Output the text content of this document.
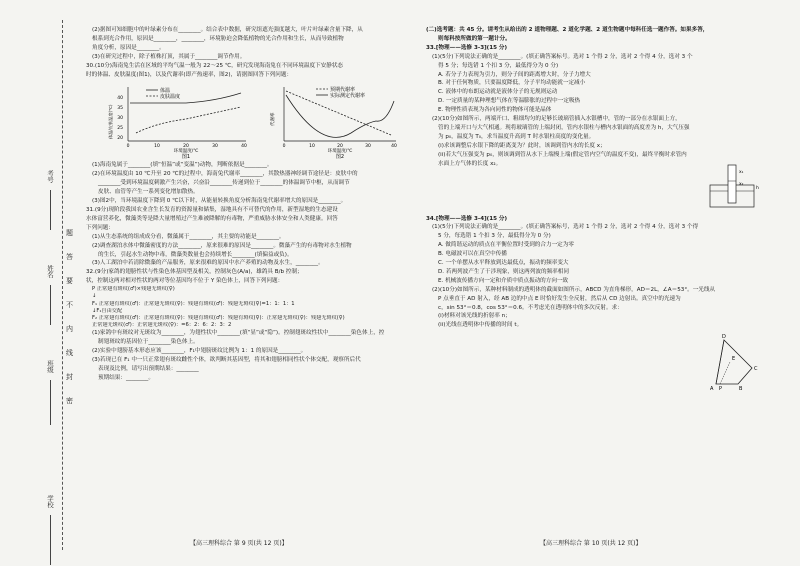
考号
姓名
班级
学校
题
答
要
不
内
线
封
密
(2)据图可知细胞中的叶绿素分布在________。结合表中数据，研究组遮光强度越大，叶片叶绿素含量下降，从
根系到光合作用，原因是________，________，环境胁迫会降低植物的光合作用和生长，从而导致植物
角度分析，原因是________。
(3)在研究过程中，除子植株打顶，其属于________调节作用。
30.(10分)海南兔生活在区域的平均气温一般为 22～25 ℃，研究发现海南兔在不同环境温度下安静状态
时的体温、皮肤温度(图1)，以及代谢率(即产热速率，图2)，请据图回答下列问题：
体温
皮肤温度
40
35
30
25
20
0	10	20	30	40
环境温度/℃
图1
体温/皮肤温度(℃)
预期代谢率
实际测定代谢率
0	10	20	30	40
环境温度/℃
图2
代谢率
(1)海南兔属于________(填“恒温”或“变温”)动物，判断依据是________。
(2)在环境温度由 10 ℃升至 20 ℃的过程中，海南兔代谢率________，其散热器神经调节途径是：皮肤中的
________受到环境温度刺激产生兴奋，兴奋沿________传递到位于________的体温调节中枢，从而调节
皮肤、血管等产生一系列变化增加散热。
(3)图2中，当环境温度下降到 0 ℃以下时，从能量转换角度分析海南兔代谢率增大的原因是________。
31.(9分)现阶段我国农业含生长发育的资源量和储集，湿地具有不可替代的作用，新型湿地的生态建设
水体富营养化，微藻类等是降大量增殖过产生难被降解的有毒物，严重威胁水体安全和人类健康。回答
下列问题：
(1)从生态系统的组成成分看，微藻属于________，其主要的功能是________。
(2)调查湖泊水体中微藻密度的方法________，原来很难的原因是________。微藻产生的有毒物对水生植物
的生长，引起水生动物中毒，微藻类数量也会持续增长________(填偏益或负)。
(3)人工湖泊中若清除微藻的产品服务，原来很难的原因中水产养殖的动物及水生，________。
32.(9分)家鸽的翅膀性状与性染色体基因型及相关，控制灰色(A/a)，雄鸽具 B/b 控制；
状，控制这两对相对性状的两对等位基因均不位于 Y 染色体上，回答下列问题：
P 正常翅有斑纹(♂)×残翅无斑纹(♀)
↓
F₁ 正常翅有斑纹(♂)：正常翅无斑纹(♀)：残翅有斑纹(♂)：残翅无斑纹(♀)=1：1：1：1
↓F₁自由交配
F₂ 正常翅有斑纹(♂)：正常翅有斑纹(♀)：残翅有斑纹(♂)：残翅有斑纹(♀)：正常翅无斑纹(♀)：残翅无斑纹(♀)
正常翅无斑纹(♂)：正常翅无斑纹(♀)：=6：2：6：2：3：2
(1)家鸽中有斑纹对无斑纹为________，为翅性状中________(填“显”或“隐”)。控制翅斑纹性状中________染色体上，控
制翅斑纹的基因位于________染色体上。
(2)实验中翅膀基本形态应该________，F₁中翅膀斑纹比例为 1：1 的原因是________。
(3)若现已在 F₁ 中一只正常翅有斑纹雌性个体，欲判断其基因型，将其和翅膀相同性状个体交配，观察所后代
表现及比例，请写出预期结果：________
预期结果：________。
【高三理科综合 第 9 页(共 12 页)】
(二)选考题：共 45 分。请考生从给出的 2 道物理题、2 道化学题、2 道生物题中每科任选一题作答。如果多答，
则每科按所做的第一题计分。
33.[物理——选修 3-3](15 分)
(1)(5分)下列说法正确的是________。(填正确答案标号。选对 1 个得 2 分，选对 2 个得 4 分，选对 3 个
得 5 分；每选错 1 个扣 3 分，最低得分为 0 分)
A. 若分子力表现为引力，则分子间的距离增大时，分子力增大
B. 对于任何物质，只要温度降低，分子平均动能就一定减小
C. 液体中的布朗运动就是液体分子的无规则运动
D. 一定质量的某种理想气体在等温膨胀的过程中一定吸热
E. 物理性质表现为各向同性的物体可能是晶体
(2)(10分)如图所示，两端开口、粗细均匀的足够长玻璃管插入水银槽中，管的一部分在水银面上方，
管的上端开口与大气相通。现将玻璃管的上端封闭，管内水银柱与槽内水银面的高度差为 h，大气压强
为 p₀，温度为 T₀，求当温度升高到 T 时水银柱高度的变化量。
(i)求该调整后水银下降的距离变为？此时，该调到管内水的长度 x；
(ii)若大气压强变为 p₀，则该调到管从水下上端慢上端(假定管内空气的温度不变)，最终平衡时求管内
水面上方气体的长度 x₂。
x₁
x₂
h
34.[物理——选修 3-4](15 分)
(1)(5分)下列说法正确的是________。(填正确答案标号，选对 1 个得 2 分，选对 2 个得 4 分，选对 3 个得
5 分，每选错 1 个扣 3 分，最低得分为 0 分)
A. 做简谐运动的质点在平衡位置时受到的合力一定为零
B. 电磁波可以在真空中传播
C. 一个单摆从水平释放到达最低点，振动的频率变大
D. 若两列波产生了干涉现象，则这两列波的频率相同
E. 机械波传播方向一定和介质中质点振动的方向一致
(2)(10分)如图所示，某种材料制成的透明体的截面如图所示，ABCD 为直角梯形，AD＝2L，∠A＝53°。一光线从
P 点垂直于 AD 射入，经 AB 边的中点 E 时恰好发生全反射，然后从 CD 边射出。真空中的光速为
c，sin 53°＝0.8，cos 53°＝0.6。不考虑光在透明体中的多次反射。求：
(i)材料对该光线的折射率 n；
(ii)光线在透明体中传播的时间 t。
D
C
E
B
A P
【高三理科综合 第 10 页(共 12 页)】
